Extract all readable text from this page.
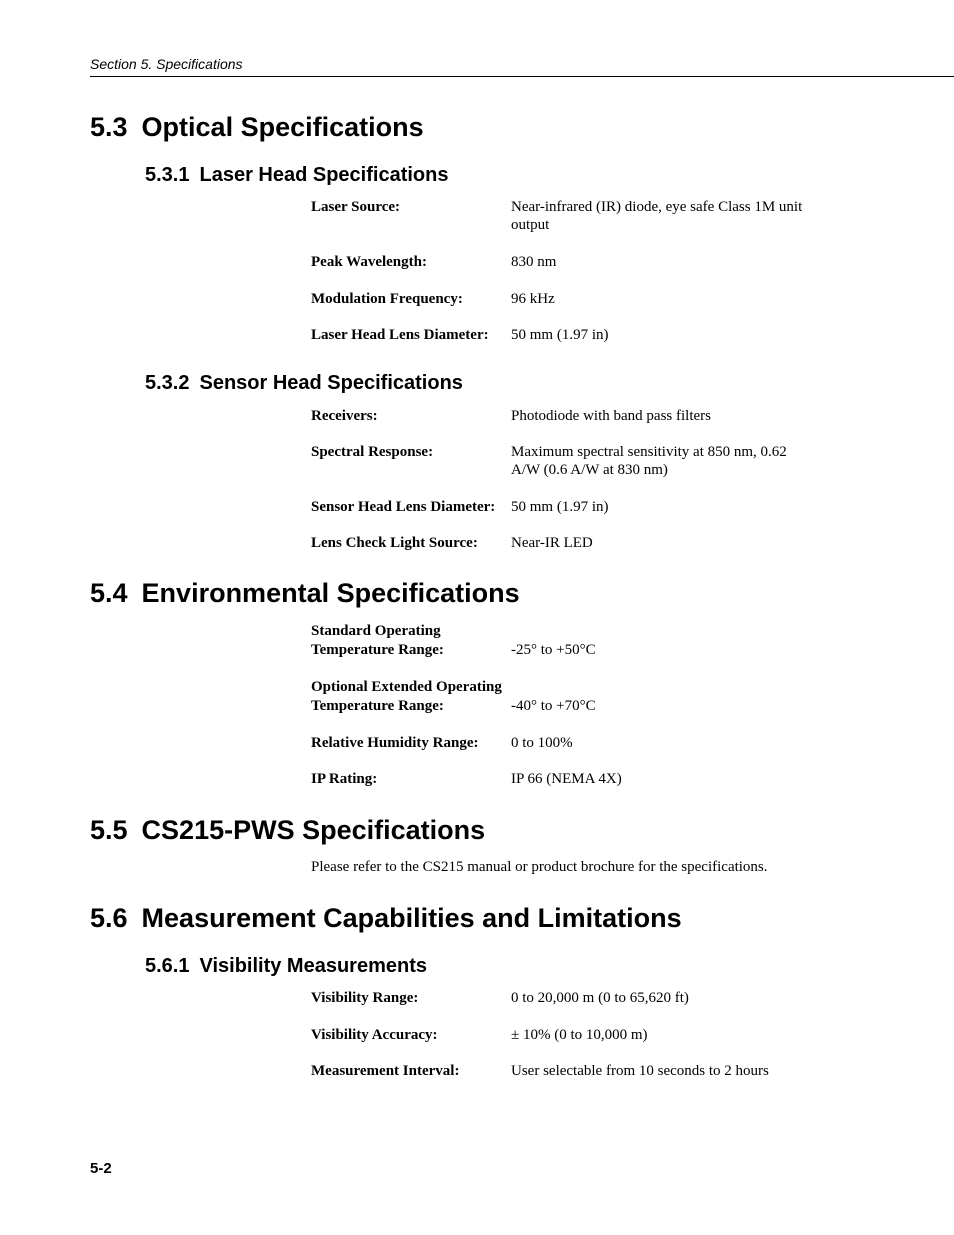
Section 5. Specifications
5.3 Optical Specifications
5.3.1 Laser Head Specifications
Laser Source:	Near-infrared (IR) diode, eye safe Class 1M unit output
Peak Wavelength:	830 nm
Modulation Frequency:	96 kHz
Laser Head Lens Diameter: 50 mm (1.97 in)
5.3.2 Sensor Head Specifications
Receivers:	Photodiode with band pass filters
Spectral Response:	Maximum spectral sensitivity at 850 nm, 0.62 A/W (0.6 A/W at 830 nm)
Sensor Head Lens Diameter: 50 mm (1.97 in)
Lens Check Light Source: Near-IR LED
5.4 Environmental Specifications
Standard Operating
Temperature Range:	-25° to +50°C
Optional Extended Operating
Temperature Range:	-40° to +70°C
Relative Humidity Range: 0 to 100%
IP Rating:	IP 66 (NEMA 4X)
5.5 CS215-PWS Specifications
Please refer to the CS215 manual or product brochure for the specifications.
5.6 Measurement Capabilities and Limitations
5.6.1 Visibility Measurements
Visibility Range:	0 to 20,000 m (0 to 65,620 ft)
Visibility Accuracy:	± 10% (0 to 10,000 m)
Measurement Interval:	User selectable from 10 seconds to 2 hours
5-2
